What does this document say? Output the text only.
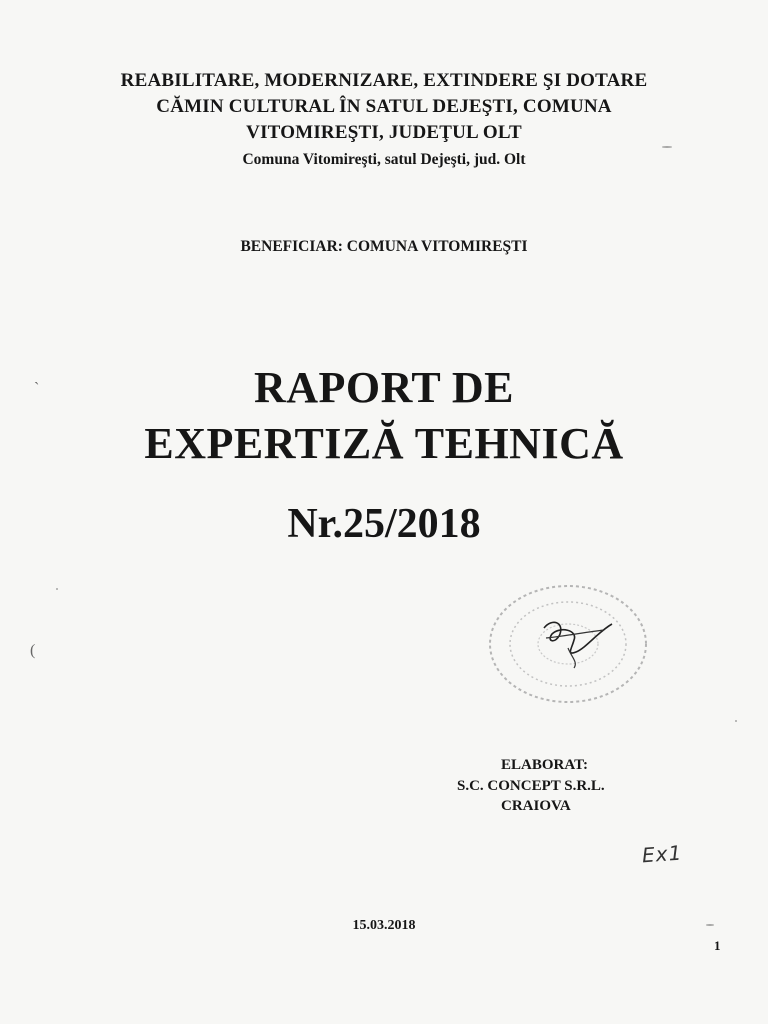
REABILITARE, MODERNIZARE, EXTINDERE ŞI DOTARE
CĂMIN CULTURAL ÎN SATUL DEJEŞTI, COMUNA
VITOMIREŞTI, JUDEŢUL OLT
Comuna Vitomireşti, satul Dejeşti, jud. Olt
BENEFICIAR: COMUNA VITOMIREŞTI
RAPORT DE
EXPERTIZĂ TEHNICĂ
Nr.25/2018
ELABORAT:
S.C. CONCEPT S.R.L.
CRAIOVA
Ex1
15.03.2018
1
ˎ
(
